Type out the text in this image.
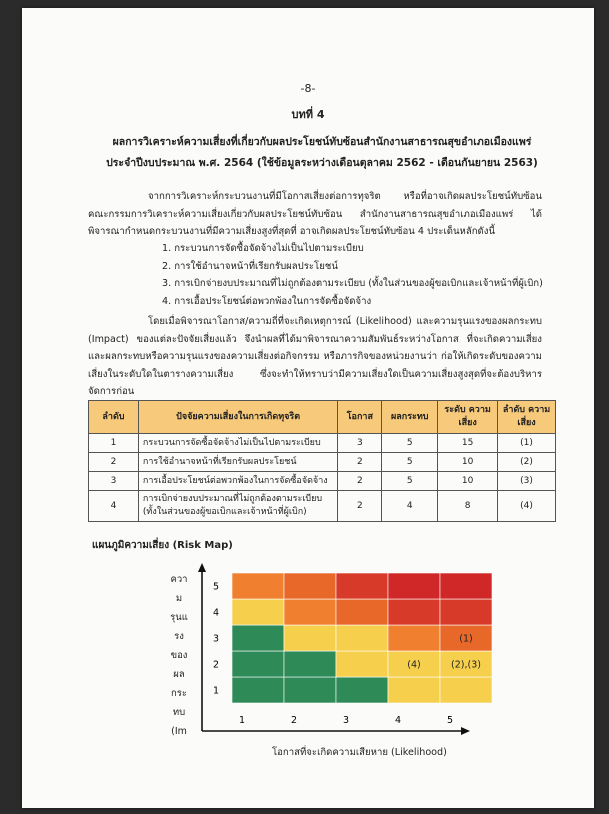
-8-
บทที่ 4
ผลการวิเคราะห์ความเสี่ยงที่เกี่ยวกับผลประโยชน์ทับซ้อนสำนักงานสาธารณสุขอำเภอเมืองแพร่
ประจำปีงบประมาณ พ.ศ. 2564 (ใช้ข้อมูลระหว่างเดือนตุลาคม 2562 - เดือนกันยายน 2563)
จากการวิเคราะห์กระบวนงานที่มีโอกาสเสี่ยงต่อการทุจริต หรือที่อาจเกิดผลประโยชน์ทับซ้อนคณะกรรมการวิเคราะห์ความเสี่ยงเกี่ยวกับผลประโยชน์ทับซ้อน สำนักงานสาธารณสุขอำเภอเมืองแพร่ ได้พิจารณากำหนดกระบวนงานที่มีความเสี่ยงสูงที่สุดที่ อาจเกิดผลประโยชน์ทับซ้อน 4 ประเด็นหลักดังนี้
1. กระบวนการจัดซื้อจัดจ้างไม่เป็นไปตามระเบียบ
2. การใช้อำนาจหน้าที่เรียกรับผลประโยชน์
3. การเบิกจ่ายงบประมาณที่ไม่ถูกต้องตามระเบียบ (ทั้งในส่วนของผู้ขอเบิกและเจ้าหน้าที่ผู้เบิก)
4. การเอื้อประโยชน์ต่อพวกพ้องในการจัดซื้อจัดจ้าง
โดยเมื่อพิจารณาโอกาส/ความถี่ที่จะเกิดเหตุการณ์ (Likelihood) และความรุนแรงของผลกระทบ (Impact) ของแต่ละปัจจัยเสี่ยงแล้ว จึงนำผลที่ได้มาพิจารณาความสัมพันธ์ระหว่างโอกาส ที่จะเกิดความเสี่ยง และผลกระทบหรือความรุนแรงของความเสี่ยงต่อกิจกรรม หรือภารกิจของหน่วยงานว่า ก่อให้เกิดระดับของความเสี่ยงในระดับใดในตารางความเสี่ยง ซึ่งจะทำให้ทราบว่ามีความเสี่ยงใดเป็นความเสี่ยงสูงสุดที่จะต้องบริหารจัดการก่อน
ลำดับ	ปัจจัยความเสี่ยงในการเกิดทุจริต	โอกาส	ผลกระทบ	ระดับ ความเสี่ยง	ลำดับ ความเสี่ยง
1	กระบวนการจัดซื้อจัดจ้างไม่เป็นไปตามระเบียบ	3	5	15	(1)
2	การใช้อำนาจหน้าที่เรียกรับผลประโยชน์	2	5	10	(2)
3	การเอื้อประโยชน์ต่อพวกพ้องในการจัดซื้อจัดจ้าง	2	5	10	(3)
4	การเบิกจ่ายงบประมาณที่ไม่ถูกต้องตามระเบียบ (ทั้งในส่วนของผู้ขอเบิกและเจ้าหน้าที่ผู้เบิก)	2	4	8	(4)
แผนภูมิความเสี่ยง (Risk Map)
ควา
ม
รุนแ
รง
ของ
ผล
กระ
ทบ
(Im
(4)	(2),(3)
(1)
1
2
3
4
5
1	2	3	4	5
โอกาสที่จะเกิดความเสียหาย (Likelihood)
